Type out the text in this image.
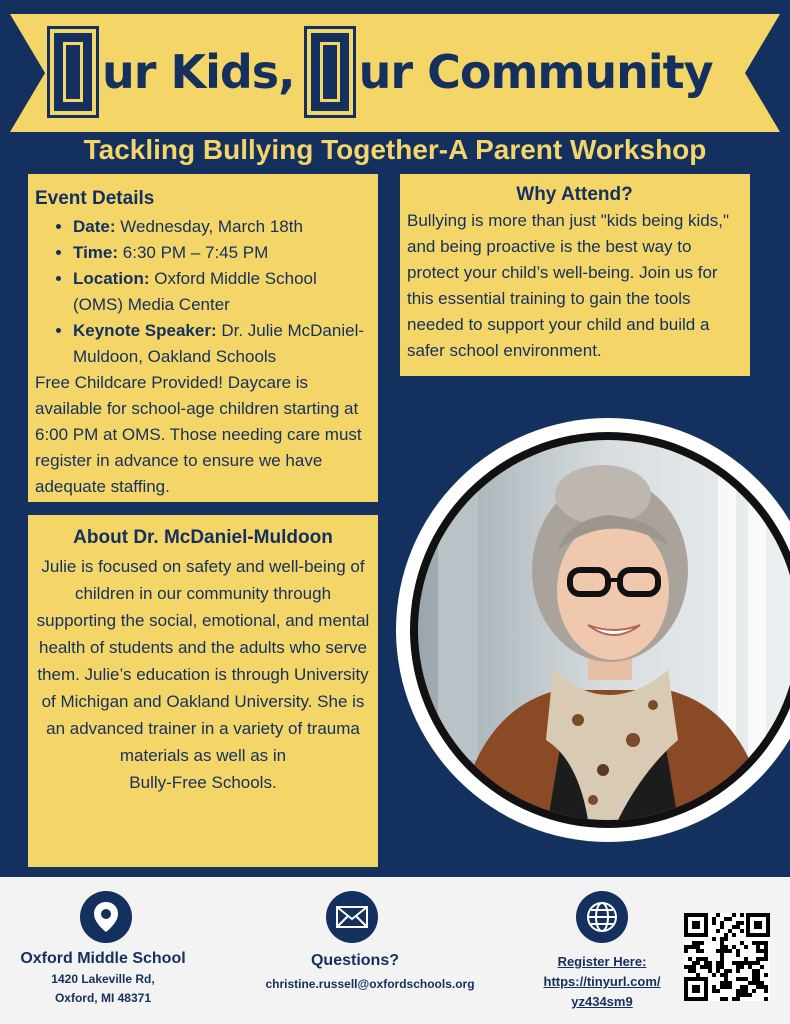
ur Kids, ur Community
Tackling Bullying Together-A Parent Workshop
Event Details
• Date: Wednesday, March 18th
• Time: 6:30 PM – 7:45 PM
• Location: Oxford Middle School (OMS) Media Center
• Keynote Speaker: Dr. Julie McDaniel-Muldoon, Oakland Schools

Free Childcare Provided! Daycare is available for school-age children starting at 6:00 PM at OMS. Those needing care must register in advance to ensure we have adequate staffing.

Why Attend?

Bullying is more than just "kids being kids," and being proactive is the best way to protect your child’s well-being. Join us for this essential training to gain the tools needed to support your child and build a safer school environment.

About Dr. McDaniel-Muldoon

Julie is focused on safety and well-being of children in our community through supporting the social, emotional, and mental health of students and the adults who serve them. Julie’s education is through University of Michigan and Oakland University. She is an advanced trainer in a variety of trauma materials as well as in

Bully-Free Schools.

Oxford Middle School
1420 Lakeville Rd,
Oxford, MI 48371
Questions?
christine.russell@oxfordschools.org
Register Here:
https://tinyurl.com/
yz434sm9
